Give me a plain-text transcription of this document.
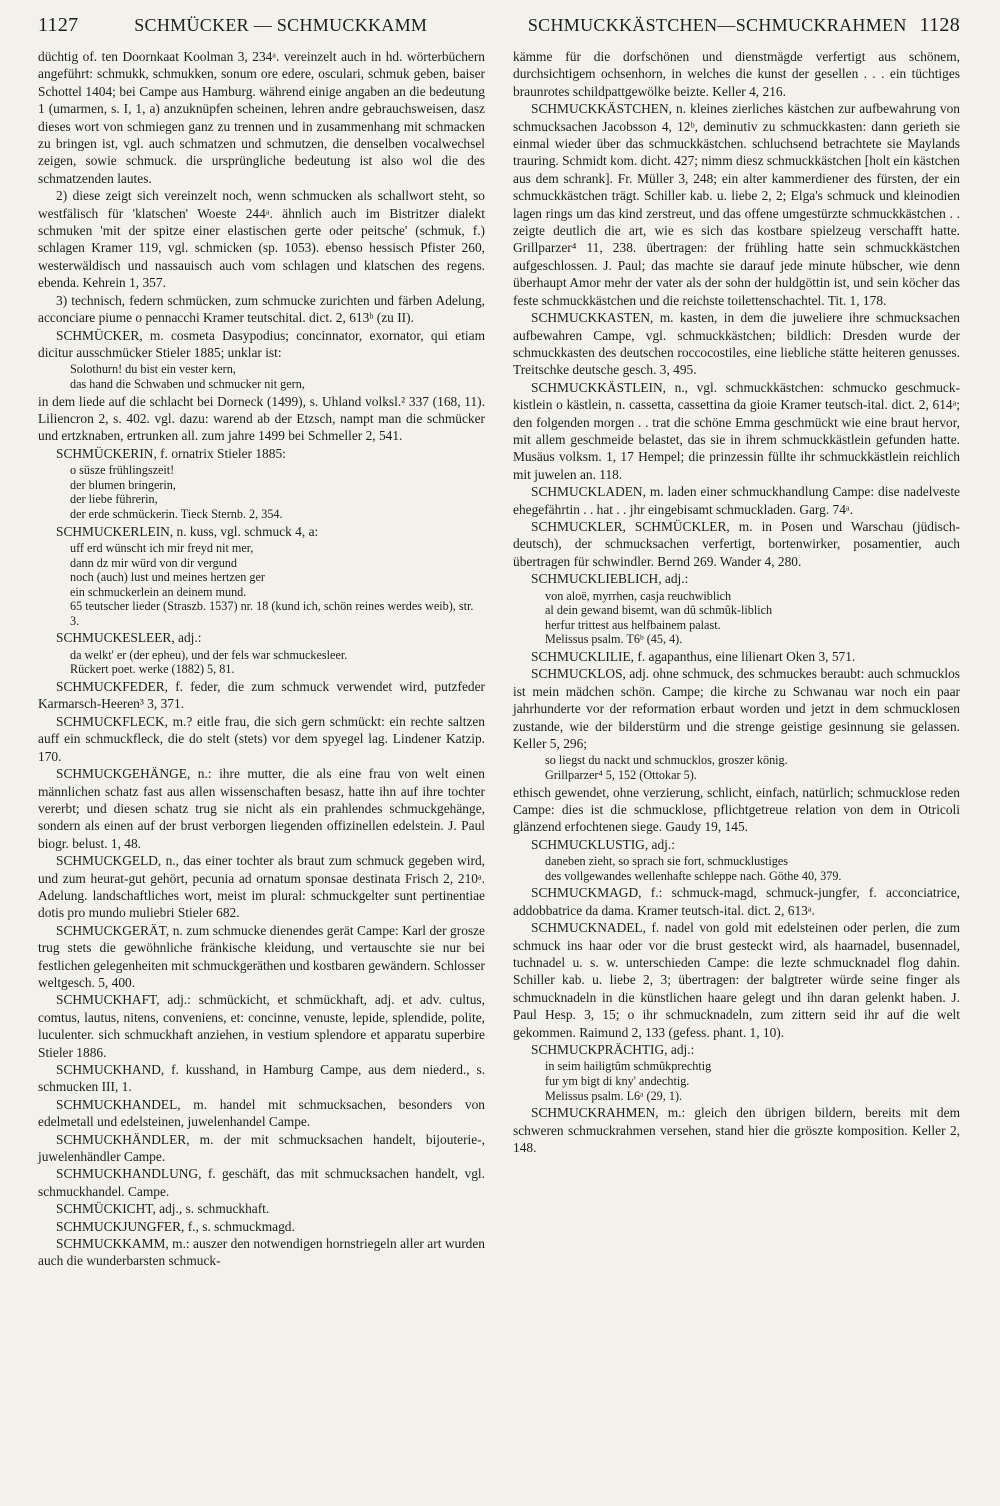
1127	SCHMÜCKER — SCHMUCKKAMM	SCHMUCKKÄSTCHEN—SCHMUCKRAHMEN 1128

düchtig of. ten Doornkaat Koolman 3, 234ᵃ. vereinzelt auch in hd. wörterbüchern angeführt: schmukk, schmukken, sonum ore edere, osculari, schmuk geben, baiser Schottel 1404; bei Campe aus Hamburg. während einige angaben an die bedeutung 1 (umarmen, s. I, 1, a) anzuknüpfen scheinen, lehren andre gebrauchsweisen, dasz dieses wort von schmiegen ganz zu trennen und in zusammenhang mit schmacken zu bringen ist, vgl. auch schmatzen und schmutzen, die denselben vocalwechsel zeigen, sowie schmuck. die ursprüngliche bedeutung ist also wol die des schmatzenden lautes.

2) diese zeigt sich vereinzelt noch, wenn schmucken als schallwort steht, so westfälisch für 'klatschen' Woeste 244ᵃ. ähnlich auch im Bistritzer dialekt schmuken 'mit der spitze einer elastischen gerte oder peitsche' (schmuk, f.) schlagen Kramer 119, vgl. schmicken (sp. 1053). ebenso hessisch Pfister 260, westerwäldisch und nassauisch auch vom schlagen und klatschen des regens. ebenda. Kehrein 1, 357.

3) technisch, federn schmücken, zum schmucke zurichten und färben Adelung, acconciare piume o pennacchi Kramer teutschital. dict. 2, 613ᵇ (zu II).

SCHMÜCKER, m. cosmeta Dasypodius; concinnator, exornator, qui etiam dicitur ausschmücker Stieler 1885; unklar ist:

Solothurn! du bist ein vester kern,
das hand die Schwaben und schmucker nit gern,

in dem liede auf die schlacht bei Dorneck (1499), s. Uhland volksl.² 337 (168, 11). Liliencron 2, s. 402. vgl. dazu: warend ab der Etzsch, nampt man die schmücker und ertzknaben, ertrunken all. zum jahre 1499 bei Schmeller 2, 541.

SCHMÜCKERIN, f. ornatrix Stieler 1885:

o süsze frühlingszeit!
der blumen bringerin,
der liebe führerin,
der erde schmückerin. Tieck Sternb. 2, 354.

SCHMUCKERLEIN, n. kuss, vgl. schmuck 4, a:

uff erd wünscht ich mir freyd nit mer,
dann dz mir würd von dir vergund
noch (auch) lust und meines hertzen ger
ein schmuckerlein an deinem mund.
65 teutscher lieder (Straszb. 1537) nr. 18 (kund ich, schön reines werdes weib), str. 3.

SCHMUCKESLEER, adj.:

da welkt' er (der epheu), und der fels war schmuckesleer.
Rückert poet. werke (1882) 5, 81.

SCHMUCKFEDER, f. feder, die zum schmuck verwendet wird, putzfeder Karmarsch-Heeren³ 3, 371.

SCHMUCKFLECK, m.? eitle frau, die sich gern schmückt: ein rechte saltzen auff ein schmuckfleck, die do stelt (stets) vor dem spyegel lag. Lindener Katzip. 170.

SCHMUCKGEHÄNGE, n.: ihre mutter, die als eine frau von welt einen männlichen schatz fast aus allen wissenschaften besasz, hatte ihn auf ihre tochter vererbt; und diesen schatz trug sie nicht als ein prahlendes schmuckgehänge, sondern als einen auf der brust verborgen liegenden offizinellen edelstein. J. Paul biogr. belust. 1, 48.

SCHMUCKGELD, n., das einer tochter als braut zum schmuck gegeben wird, und zum heurat-gut gehört, pecunia ad ornatum sponsae destinata Frisch 2, 210ᵃ. Adelung. landschaftliches wort, meist im plural: schmuckgelter sunt pertinentiae dotis pro mundo muliebri Stieler 682.

SCHMUCKGERÄT, n. zum schmucke dienendes gerät Campe: Karl der grosze trug stets die gewöhnliche fränkische kleidung, und vertauschte sie nur bei festlichen gelegenheiten mit schmuckgeräthen und kostbaren gewändern. Schlosser weltgesch. 5, 400.

SCHMUCKHAFT, adj.: schmückicht, et schmückhaft, adj. et adv. cultus, comtus, lautus, nitens, conveniens, et: concinne, venuste, lepide, splendide, polite, luculenter. sich schmuckhaft anziehen, in vestium splendore et apparatu superbire Stieler 1886.

SCHMUCKHAND, f. kusshand, in Hamburg Campe, aus dem niederd., s. schmucken III, 1.

SCHMUCKHANDEL, m. handel mit schmucksachen, besonders von edelmetall und edelsteinen, juwelenhandel Campe.

SCHMUCKHÄNDLER, m. der mit schmucksachen handelt, bijouterie-, juwelenhändler Campe.

SCHMUCKHANDLUNG, f. geschäft, das mit schmucksachen handelt, vgl. schmuckhandel. Campe.

SCHMÜCKICHT, adj., s. schmuckhaft.

SCHMUCKJUNGFER, f., s. schmuckmagd.

SCHMUCKKAMM, m.: auszer den notwendigen hornstriegeln aller art wurden auch die wunderbarsten schmuck-

kämme für die dorfschönen und dienstmägde verfertigt aus schönem, durchsichtigem ochsenhorn, in welches die kunst der gesellen . . . ein tüchtiges braunrotes schildpattgewölke beizte. Keller 4, 216.

SCHMUCKKÄSTCHEN, n. kleines zierliches kästchen zur aufbewahrung von schmucksachen Jacobsson 4, 12ᵇ, deminutiv zu schmuckkasten: dann gerieth sie einmal wieder über das schmuckkästchen. schluchsend betrachtete sie Maylands trauring. Schmidt kom. dicht. 427; nimm diesz schmuckkästchen [holt ein kästchen aus dem schrank]. Fr. Müller 3, 248; ein alter kammerdiener des fürsten, der ein schmuckkästchen trägt. Schiller kab. u. liebe 2, 2; Elga's schmuck und kleinodien lagen rings um das kind zerstreut, und das offene umgestürzte schmuckkästchen . . zeigte deutlich die art, wie es sich das kostbare spielzeug verschafft hatte. Grillparzer⁴ 11, 238. übertragen: der frühling hatte sein schmuckkästchen aufgeschlossen. J. Paul; das machte sie darauf jede minute hübscher, wie denn überhaupt Amor mehr der vater als der sohn der huldgöttin ist, und sein köcher das feste schmuckkästchen und die reichste toilettenschachtel. Tit. 1, 178.

SCHMUCKKASTEN, m. kasten, in dem die juweliere ihre schmucksachen aufbewahren Campe, vgl. schmuckkästchen; bildlich: Dresden wurde der schmuckkasten des deutschen roccocostiles, eine liebliche stätte heiteren genusses. Treitschke deutsche gesch. 3, 495.

SCHMUCKKÄSTLEIN, n., vgl. schmuckkästchen: schmucko geschmuck-kistlein o kästlein, n. cassetta, cassettina da gioie Kramer teutsch-ital. dict. 2, 614ᵃ; den folgenden morgen . . trat die schöne Emma geschmückt wie eine braut hervor, mit allem geschmeide belastet, das sie in ihrem schmuckkästlein gefunden hatte. Musäus volksm. 1, 17 Hempel; die prinzessin füllte ihr schmuckkästlein reichlich mit juwelen an. 118.

SCHMUCKLADEN, m. laden einer schmuckhandlung Campe: dise nadelveste ehegefährtin . . hat . . jhr eingebisamt schmuckladen. Garg. 74ᵃ.

SCHMUCKLER, SCHMÜCKLER, m. in Posen und Warschau (jüdisch-deutsch), der schmucksachen verfertigt, bortenwirker, posamentier, auch übertragen für schwindler. Bernd 269. Wander 4, 280.

SCHMUCKLIEBLICH, adj.:

von aloë, myrrhen, casja reuchwiblich
al dein gewand bisemt, wan dû schmûk-liblich
herfur trittest aus helfbainem palast.
Melissus psalm. T6ᵇ (45, 4).

SCHMUCKLILIE, f. agapanthus, eine lilienart Oken 3, 571.

SCHMUCKLOS, adj. ohne schmuck, des schmuckes beraubt: auch schmucklos ist mein mädchen schön. Campe; die kirche zu Schwanau war noch ein paar jahrhunderte vor der reformation erbaut worden und jetzt in dem schmucklosen zustande, wie der bilderstürm und die strenge geistige gesinnung sie gelassen. Keller 5, 296;

so liegst du nackt und schmucklos, groszer könig.
Grillparzer⁴ 5, 152 (Ottokar 5).

ethisch gewendet, ohne verzierung, schlicht, einfach, natürlich; schmucklose reden Campe: dies ist die schmucklose, pflichtgetreue relation von dem in Otricoli glänzend erfochtenen siege. Gaudy 19, 145.

SCHMUCKLUSTIG, adj.:

daneben zieht, so sprach sie fort, schmucklustiges
des vollgewandes wellenhafte schleppe nach. Göthe 40, 379.

SCHMUCKMAGD, f.: schmuck-magd, schmuck-jungfer, f. acconciatrice, addobbatrice da dama. Kramer teutsch-ital. dict. 2, 613ᵃ.

SCHMUCKNADEL, f. nadel von gold mit edelsteinen oder perlen, die zum schmuck ins haar oder vor die brust gesteckt wird, als haarnadel, busennadel, tuchnadel u. s. w. unterschieden Campe: die lezte schmucknadel flog dahin. Schiller kab. u. liebe 2, 3; übertragen: der balgtreter würde seine finger als schmucknadeln in die künstlichen haare gelegt und ihn daran gelenkt haben. J. Paul Hesp. 3, 15; o ihr schmucknadeln, zum zittern seid ihr auf die welt gekommen. Raimund 2, 133 (gefess. phant. 1, 10).

SCHMUCKPRÄCHTIG, adj.:

in seim hailigtûm schmûkprechtig
fur ym bigt di kny' andechtig.
Melissus psalm. L6ᵃ (29, 1).

SCHMUCKRAHMEN, m.: gleich den übrigen bildern, bereits mit dem schweren schmuckrahmen versehen, stand hier die gröszte komposition. Keller 2, 148.
